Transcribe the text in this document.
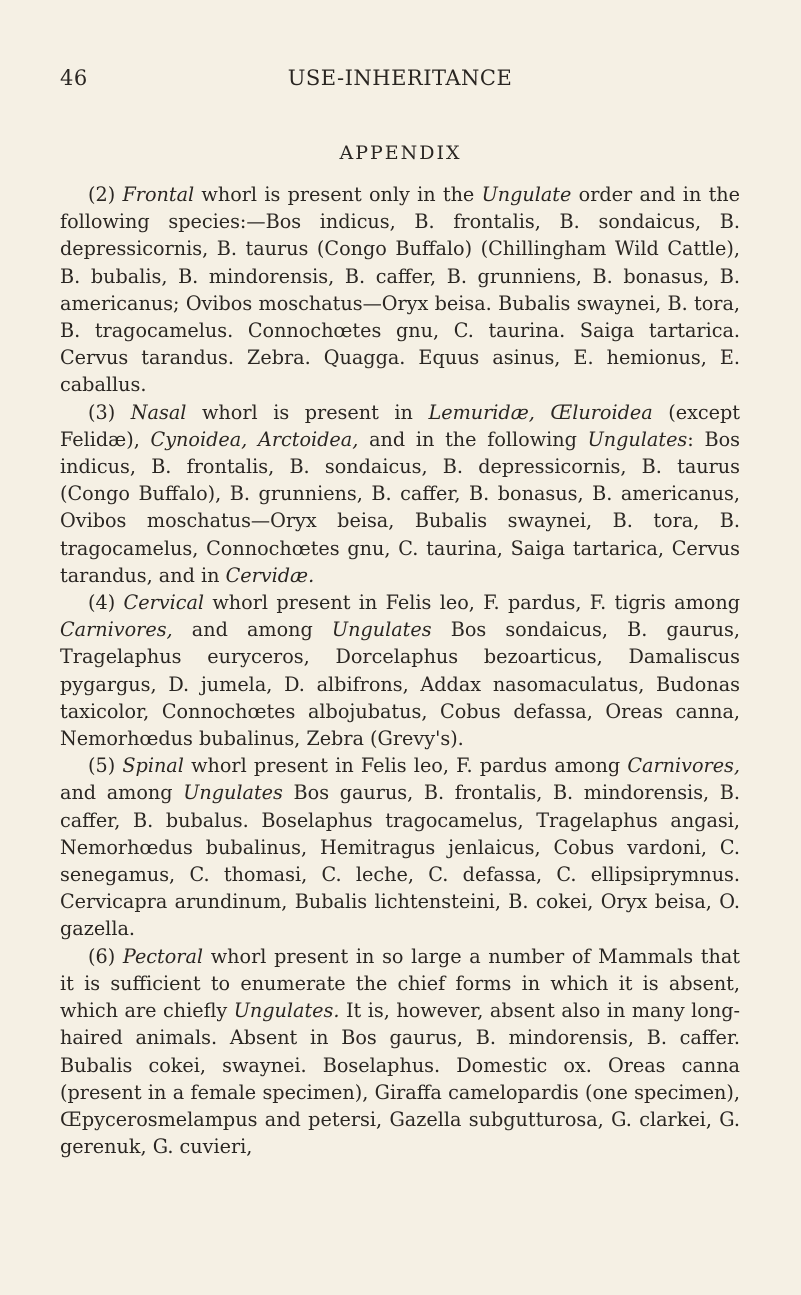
46	USE-INHERITANCE
APPENDIX

(2) Frontal whorl is present only in the Ungulate order and in the following species:—Bos indicus, B. frontalis, B. sondaicus, B. depressicornis, B. taurus (Congo Buffalo) (Chillingham Wild Cattle), B. bubalis, B. mindorensis, B. caffer, B. grunniens, B. bonasus, B. americanus; Ovibos moschatus—Oryx beisa. Bubalis swaynei, B. tora, B. tragocamelus. Connochœtes gnu, C. taurina. Saiga tartarica. Cervus tarandus. Zebra. Quagga. Equus asinus, E. hemionus, E. caballus.

(3) Nasal whorl is present in Lemuridæ, Œluroidea (except Felidæ), Cynoidea, Arctoidea, and in the following Ungulates: Bos indicus, B. frontalis, B. sondaicus, B. depressicornis, B. taurus (Congo Buffalo), B. grunniens, B. caffer, B. bonasus, B. americanus, Ovibos moschatus—Oryx beisa, Bubalis swaynei, B. tora, B. tragocamelus, Connochœtes gnu, C. taurina, Saiga tartarica, Cervus tarandus, and in Cervidæ.

(4) Cervical whorl present in Felis leo, F. pardus, F. tigris among Carnivores, and among Ungulates Bos sondaicus, B. gaurus, Tragelaphus euryceros, Dorcelaphus bezoarticus, Damaliscus pygargus, D. jumela, D. albifrons, Addax nasomaculatus, Budonas taxicolor, Connochœtes albojubatus, Cobus defassa, Oreas canna, Nemorhœdus bubalinus, Zebra (Grevy's).

(5) Spinal whorl present in Felis leo, F. pardus among Carnivores, and among Ungulates Bos gaurus, B. frontalis, B. mindorensis, B. caffer, B. bubalus. Boselaphus tragocamelus, Tragelaphus angasi, Nemorhœdus bubalinus, Hemitragus jenlaicus, Cobus vardoni, C. senegamus, C. thomasi, C. leche, C. defassa, C. ellipsiprymnus. Cervicapra arundinum, Bubalis lichtensteini, B. cokei, Oryx beisa, O. gazella.

(6) Pectoral whorl present in so large a number of Mammals that it is sufficient to enumerate the chief forms in which it is absent, which are chiefly Ungulates. It is, however, absent also in many long-haired animals. Absent in Bos gaurus, B. mindorensis, B. caffer. Bubalis cokei, swaynei. Boselaphus. Domestic ox. Oreas canna (present in a female specimen), Giraffa camelopardis (one specimen), Œpycerosmelampus and petersi, Gazella subgutturosa, G. clarkei, G. gerenuk, G. cuvieri,
